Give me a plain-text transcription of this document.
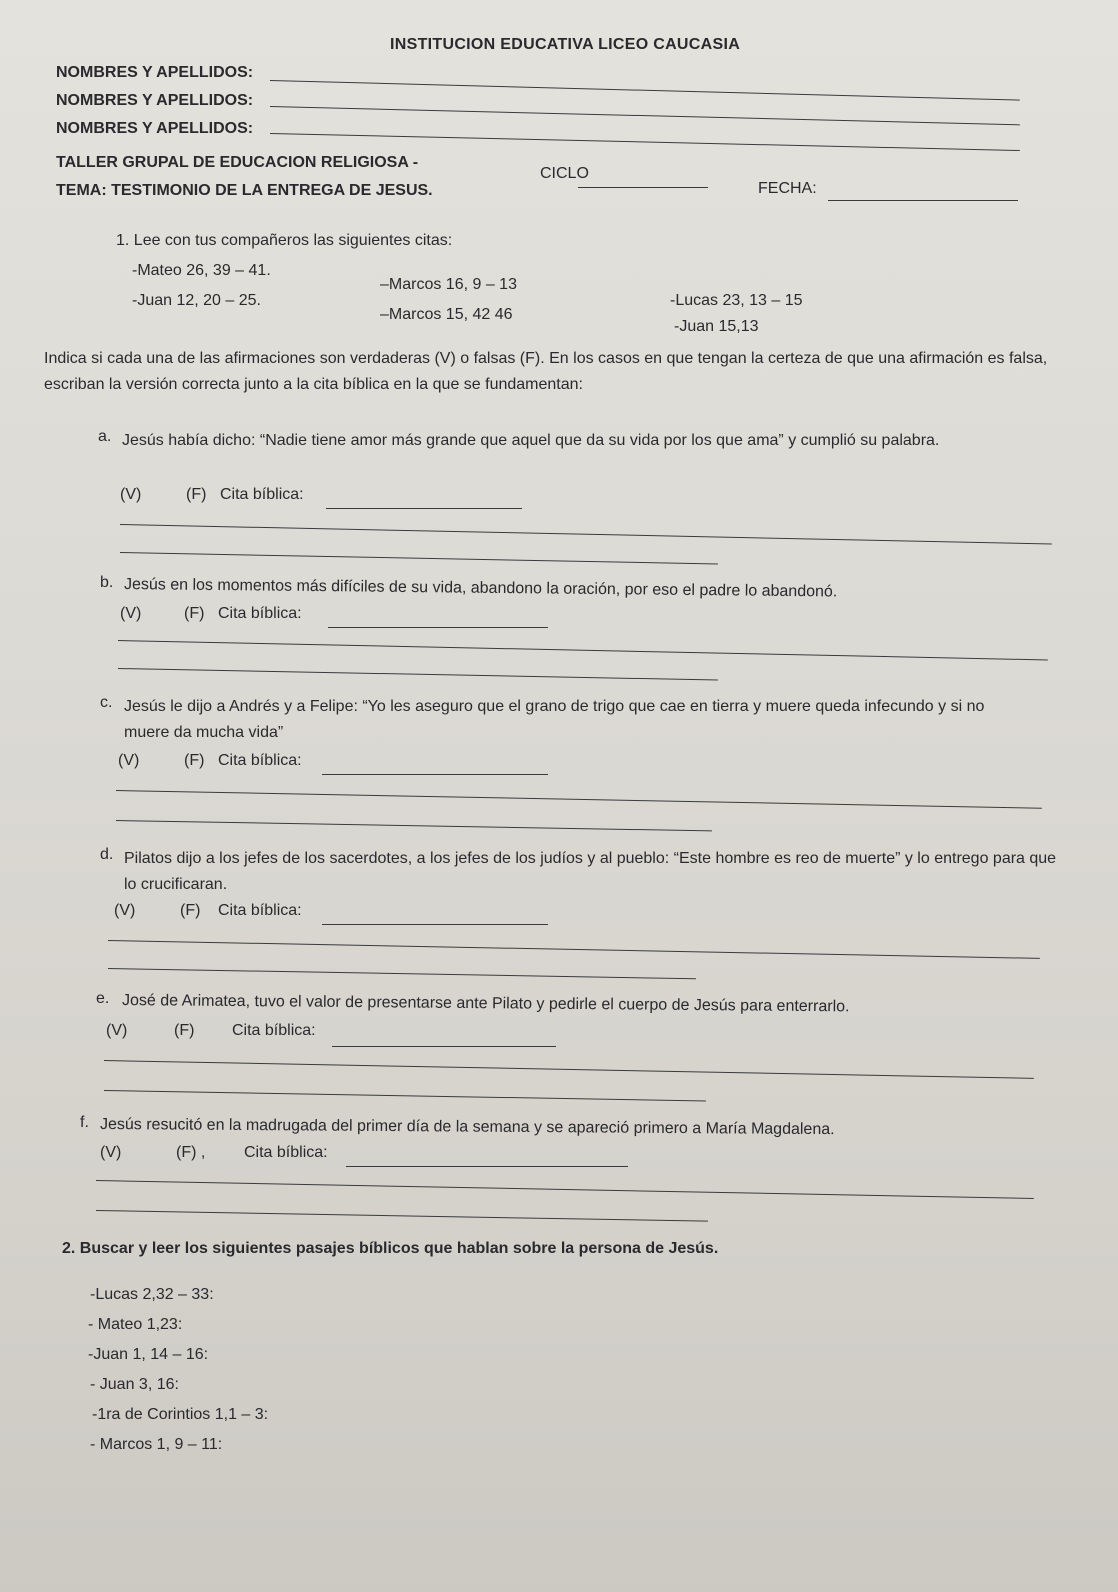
INSTITUCION EDUCATIVA LICEO CAUCASIA
NOMBRES Y APELLIDOS:
NOMBRES Y APELLIDOS:
NOMBRES Y APELLIDOS:
TALLER GRUPAL DE EDUCACION RELIGIOSA -
CICLO
FECHA:
TEMA: TESTIMONIO DE LA ENTREGA DE JESUS.
1. Lee con tus compañeros las siguientes citas:
-Mateo 26, 39 – 41.
–Marcos 16, 9 – 13
-Lucas 23, 13 – 15
-Juan 12, 20 – 25.
–Marcos 15, 42 46
-Juan 15,13
Indica si cada una de las afirmaciones son verdaderas (V) o falsas (F). En los casos en que tengan la certeza de que una afirmación es falsa, escriban la versión correcta junto a la cita bíblica en la que se fundamentan:
a. Jesús había dicho: “Nadie tiene amor más grande que aquel que da su vida por los que ama” y cumplió su palabra.
(V)	(F) Cita bíblica:
b. Jesús en los momentos más difíciles de su vida, abandono la oración, por eso el padre lo abandonó.
(V)	(F) Cita bíblica:
c. Jesús le dijo a Andrés y a Felipe: “Yo les aseguro que el grano de trigo que cae en tierra y muere queda infecundo y si no muere da mucha vida”
(V)	(F) Cita bíblica:
d. Pilatos dijo a los jefes de los sacerdotes, a los jefes de los judíos y al pueblo: “Este hombre es reo de muerte” y lo entrego para que lo crucificaran.
(V)	(F) Cita bíblica:
e. José de Arimatea, tuvo el valor de presentarse ante Pilato y pedirle el cuerpo de Jesús para enterrarlo.
(V)	(F) Cita bíblica:
f. Jesús resucitó en la madrugada del primer día de la semana y se apareció primero a María Magdalena.
(V)	(F) , Cita bíblica:
2. Buscar y leer los siguientes pasajes bíblicos que hablan sobre la persona de Jesús.
-Lucas 2,32 – 33:
- Mateo 1,23:
-Juan 1, 14 – 16:
- Juan 3, 16:
-1ra de Corintios 1,1 – 3:
- Marcos 1, 9 – 11:
